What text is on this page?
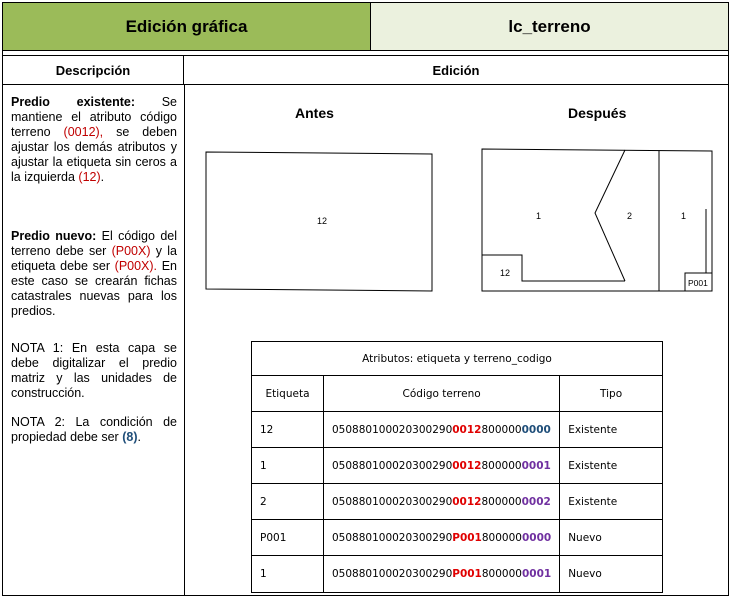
Edición gráfica	lc_terreno
Descripción	Edición
Predio existente: Se mantiene el atributo código terreno (0012), se deben ajustar los demás atributos y ajustar la etiqueta sin ceros a la izquierda (12).
Predio nuevo: El código del terreno debe ser (P00X) y la etiqueta debe ser (P00X). En este caso se crearán fichas catastrales nuevas para los predios.
NOTA 1: En esta capa se debe digitalizar el predio matriz y las unidades de construcción.
NOTA 2: La condición de propiedad debe ser (8).
Antes	Después
12	1	2	1
12
P001
Atributos: etiqueta y terreno_codigo		
Etiqueta	Código terreno	Tipo
12	05088010002030029000128000000000	Existente
1	05088010002030029000128000000001	Existente
2	05088010002030029000128000000002	Existente
P001	050880100020300290P0018000000000	Nuevo
1	050880100020300290P0018000000001	Nuevo
